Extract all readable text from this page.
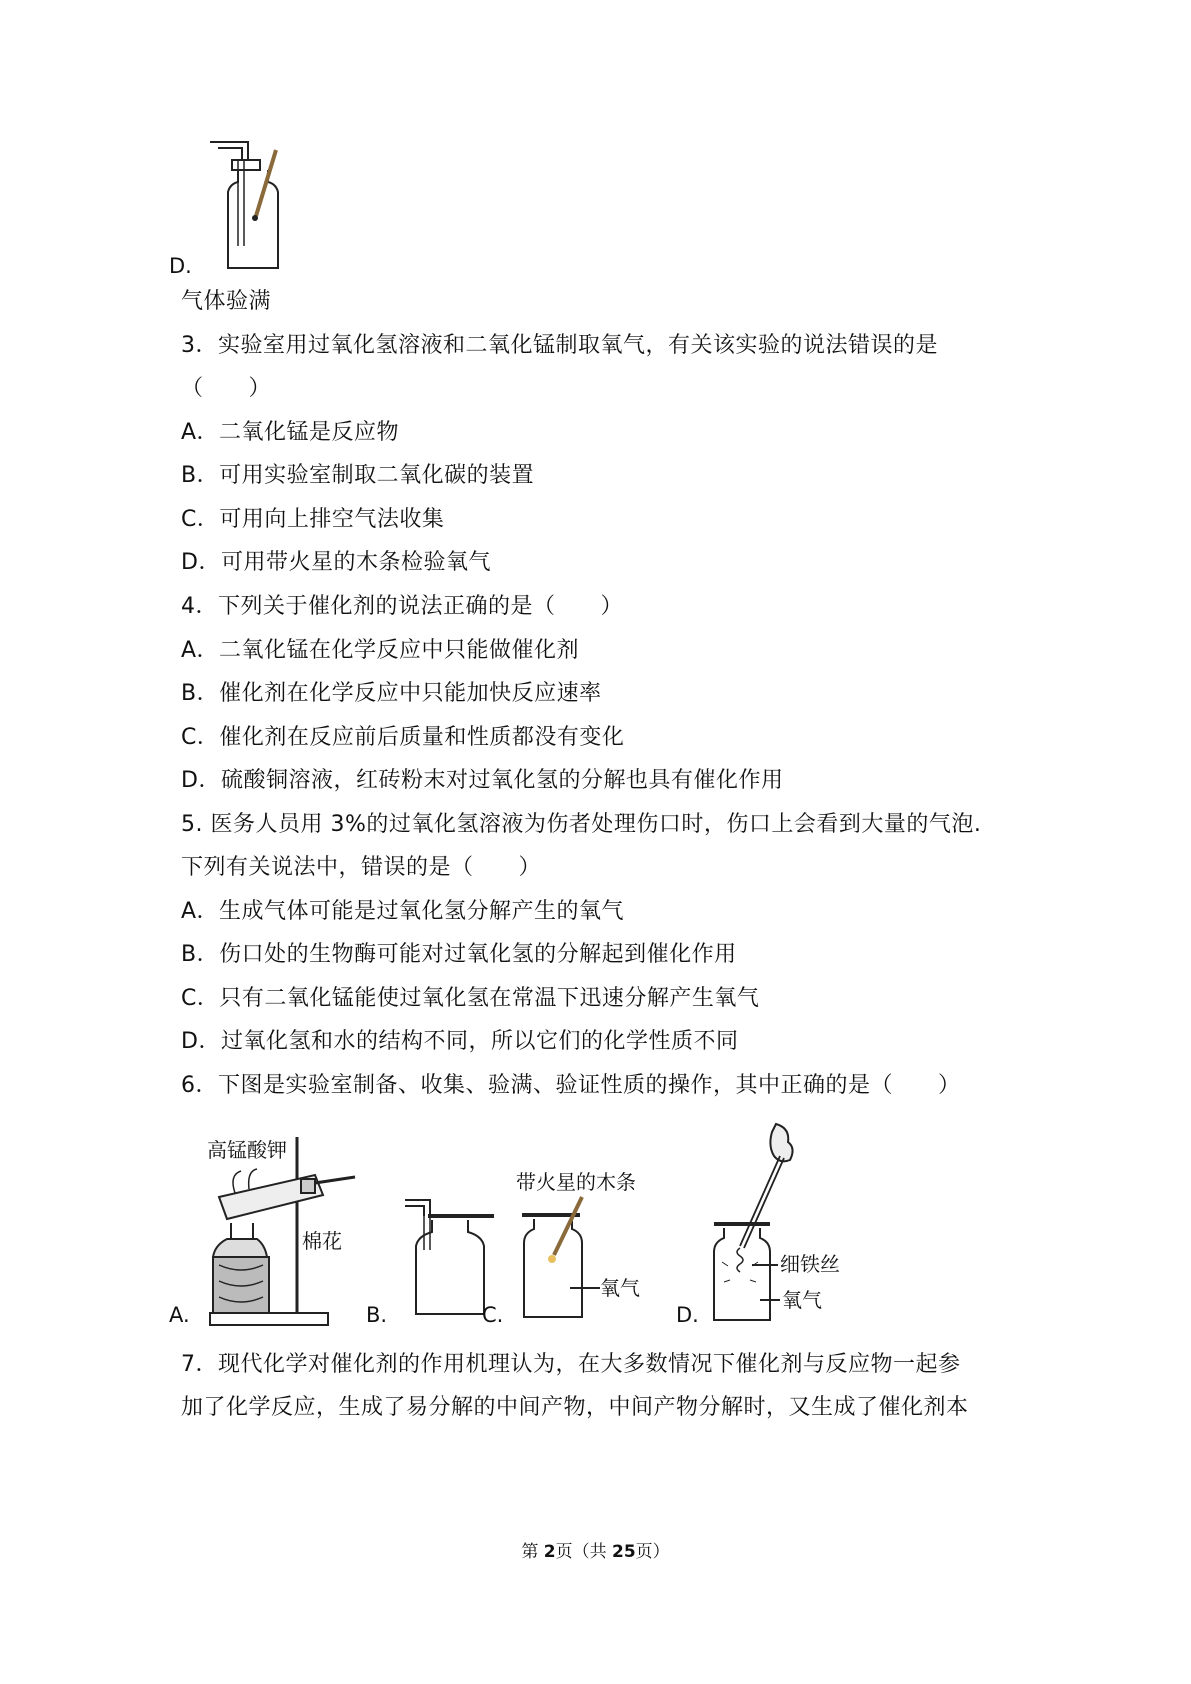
D.
气体验满
3．实验室用过氧化氢溶液和二氧化锰制取氧气，有关该实验的说法错误的是
（　　）
A．二氧化锰是反应物
B．可用实验室制取二氧化碳的装置
C．可用向上排空气法收集
D．可用带火星的木条检验氧气
4．下列关于催化剂的说法正确的是（　　）
A．二氧化锰在化学反应中只能做催化剂
B．催化剂在化学反应中只能加快反应速率
C．催化剂在反应前后质量和性质都没有变化
D．硫酸铜溶液，红砖粉末对过氧化氢的分解也具有催化作用
5. 医务人员用 3%的过氧化氢溶液为伤者处理伤口时，伤口上会看到大量的气泡.
下列有关说法中，错误的是（　　）
A．生成气体可能是过氧化氢分解产生的氧气
B．伤口处的生物酶可能对过氧化氢的分解起到催化作用
C．只有二氧化锰能使过氧化氢在常温下迅速分解产生氧气
D．过氧化氢和水的结构不同，所以它们的化学性质不同
6．下图是实验室制备、收集、验满、验证性质的操作，其中正确的是（　　）
高锰酸钾
棉花
A.	B.
带火星的木条
氧气
C.
细铁丝
氧气
D.
7．现代化学对催化剂的作用机理认为，在大多数情况下催化剂与反应物一起参
加了化学反应，生成了易分解的中间产物，中间产物分解时，又生成了催化剂本
第 2页（共 25页）
